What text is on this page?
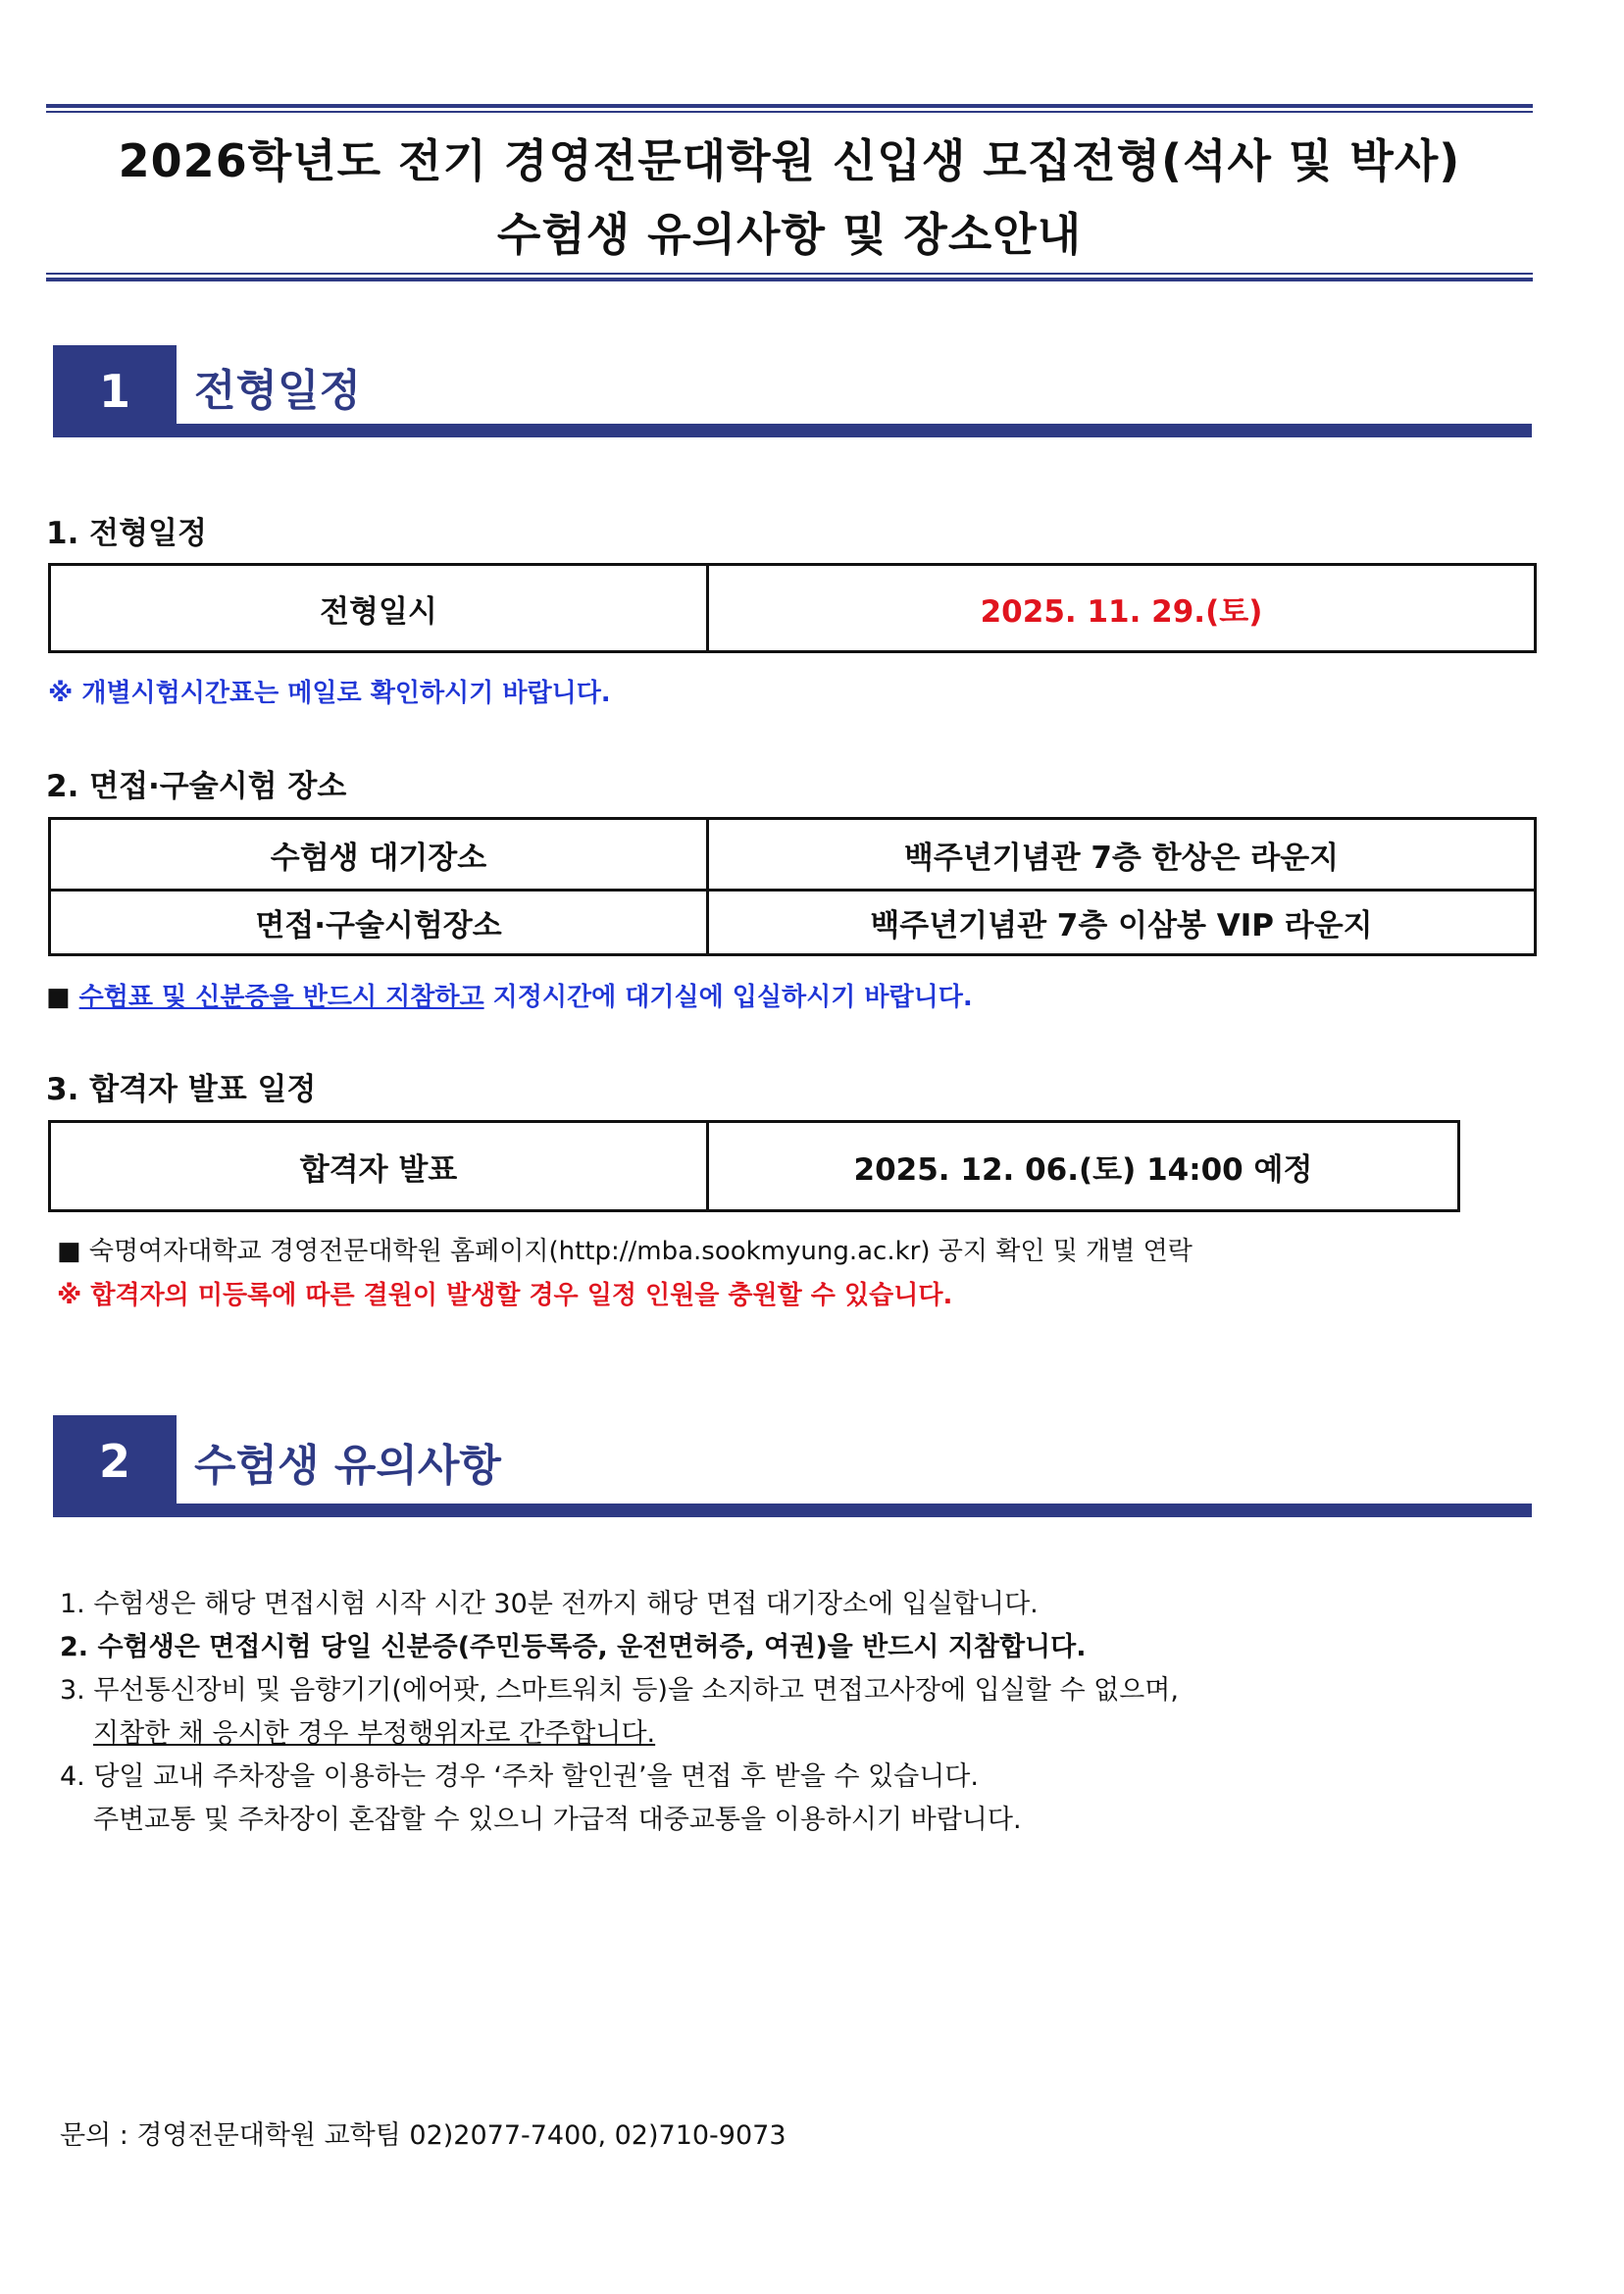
2026학년도 전기 경영전문대학원 신입생 모집전형(석사 및 박사)
수험생 유의사항 및 장소안내
1	전형일정
1. 전형일정
전형일시	2025. 11. 29.(토)
※ 개별시험시간표는 메일로 확인하시기 바랍니다.
2. 면접·구술시험 장소
수험생 대기장소	백주년기념관 7층 한상은 라운지
면접·구술시험장소	백주년기념관 7층 이삼봉 VIP 라운지
■ 수험표 및 신분증을 반드시 지참하고 지정시간에 대기실에 입실하시기 바랍니다.
3. 합격자 발표 일정
합격자 발표	2025. 12. 06.(토) 14:00 예정
■ 숙명여자대학교 경영전문대학원 홈페이지(http://mba.sookmyung.ac.kr) 공지 확인 및 개별 연락
※ 합격자의 미등록에 따른 결원이 발생할 경우 일정 인원을 충원할 수 있습니다.
2	수험생 유의사항
1. 수험생은 해당 면접시험 시작 시간 30분 전까지 해당 면접 대기장소에 입실합니다.
2. 수험생은 면접시험 당일 신분증(주민등록증, 운전면허증, 여권)을 반드시 지참합니다.
3. 무선통신장비 및 음향기기(에어팟, 스마트워치 등)을 소지하고 면접고사장에 입실할 수 없으며,
지참한 채 응시한 경우 부정행위자로 간주합니다.
4. 당일 교내 주차장을 이용하는 경우 ‘주차 할인권’을 면접 후 받을 수 있습니다.
주변교통 및 주차장이 혼잡할 수 있으니 가급적 대중교통을 이용하시기 바랍니다.
문의 : 경영전문대학원 교학팀 02)2077-7400, 02)710-9073
